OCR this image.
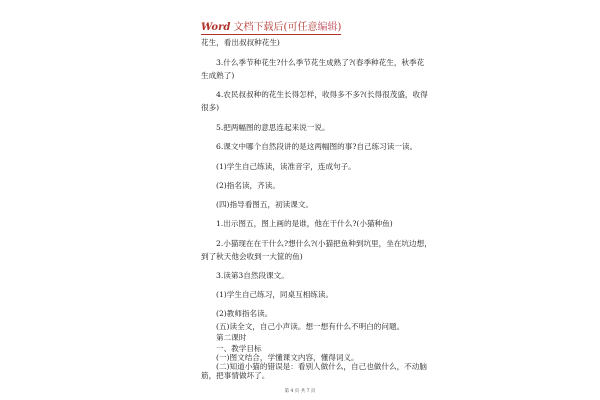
Word 文档下载后(可任意编辑)
花生，看出叔叔种花生)
3.什么季节种花生?什么季节花生成熟了?(春季种花生，秋季花
生成熟了)
4.农民叔叔种的花生长得怎样，收得多不多?(长得很茂盛，收得
很多)
5.把两幅图的意思连起来说一说。
6.课文中哪个自然段讲的是这两幅图的事?自己练习读一读。
(1)学生自己练读，读准音字，连成句子。
(2)指名读，齐读。
(四)指导看图五，初读课文。
1.出示图五，图上画的是谁，他在干什么?(小猫种鱼)
2.小猫现在在干什么?想什么?(小猫把鱼种到坑里，坐在坑边想，
到了秋天他会收到一大筐的鱼)
3.读第3自然段课文。
(1)学生自己练习，同桌互相练读。
(2)教师指名读。
(五)读全文，自己小声读。想一想有什么不明白的问题。
第二课时
一、教学目标
(一)图文结合，学懂课文内容，懂得词义。
(二)知道小猫的错误是：看别人做什么，自己也做什么，不动脑
筋，把事情做坏了。
第 4 页 共 7 页
